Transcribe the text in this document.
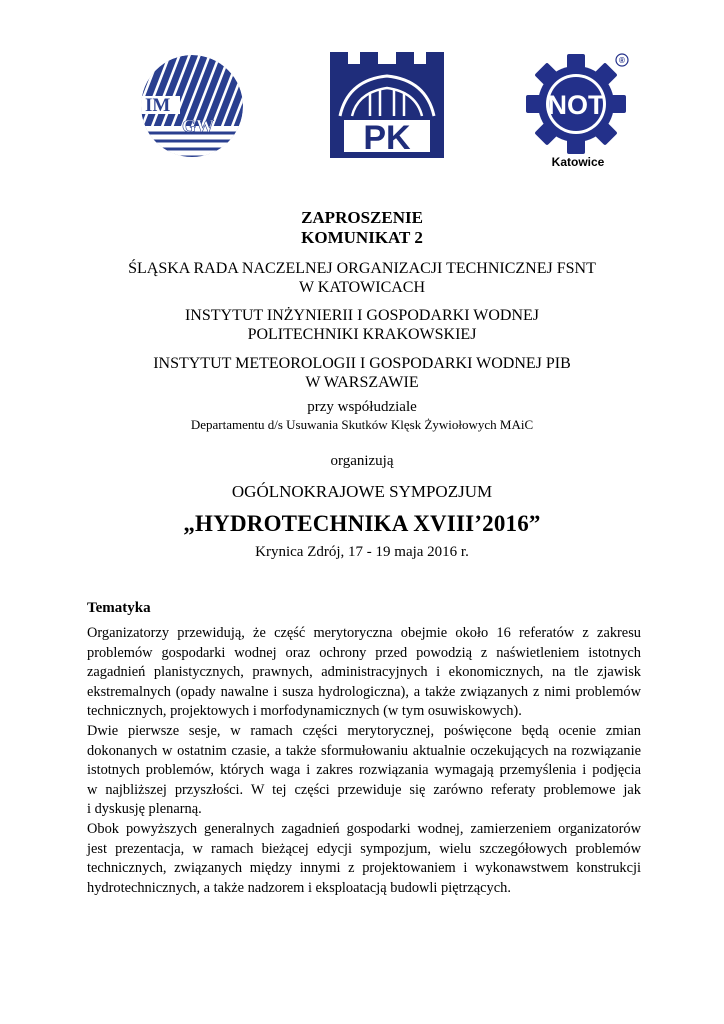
IM
GW	PK
NOT
®
Katowice
ZAPROSZENIE
KOMUNIKAT 2
ŚLĄSKA RADA NACZELNEJ ORGANIZACJI TECHNICZNEJ FSNT
W KATOWICACH
INSTYTUT INŻYNIERII I GOSPODARKI WODNEJ
POLITECHNIKI KRAKOWSKIEJ
INSTYTUT METEOROLOGII I GOSPODARKI WODNEJ PIB
W WARSZAWIE
przy współudziale
Departamentu d/s Usuwania Skutków Klęsk Żywiołowych MAiC
organizują
OGÓLNOKRAJOWE SYMPOZJUM
„HYDROTECHNIKA XVIII’2016”
Krynica Zdrój, 17 - 19 maja 2016 r.
Tematyka
Organizatorzy przewidują, że część merytoryczna obejmie około 16 referatów z zakresu
problemów gospodarki wodnej oraz ochrony przed powodzią z naświetleniem istotnych
zagadnień planistycznych, prawnych, administracyjnych i ekonomicznych, na tle zjawisk
ekstremalnych (opady nawalne i susza hydrologiczna), a także związanych z nimi problemów
technicznych, projektowych i morfodynamicznych (w tym osuwiskowych).
Dwie pierwsze sesje, w ramach części merytorycznej, poświęcone będą ocenie zmian
dokonanych w ostatnim czasie, a także sformułowaniu aktualnie oczekujących na rozwiązanie
istotnych problemów, których waga i zakres rozwiązania wymagają przemyślenia i podjęcia
w najbliższej przyszłości. W tej części przewiduje się zarówno referaty problemowe jak
i dyskusję plenarną.
Obok powyższych generalnych zagadnień gospodarki wodnej, zamierzeniem organizatorów
jest prezentacja, w ramach bieżącej edycji sympozjum, wielu szczegółowych problemów
technicznych, związanych między innymi z projektowaniem i wykonawstwem konstrukcji
hydrotechnicznych, a także nadzorem i eksploatacją budowli piętrzących.
